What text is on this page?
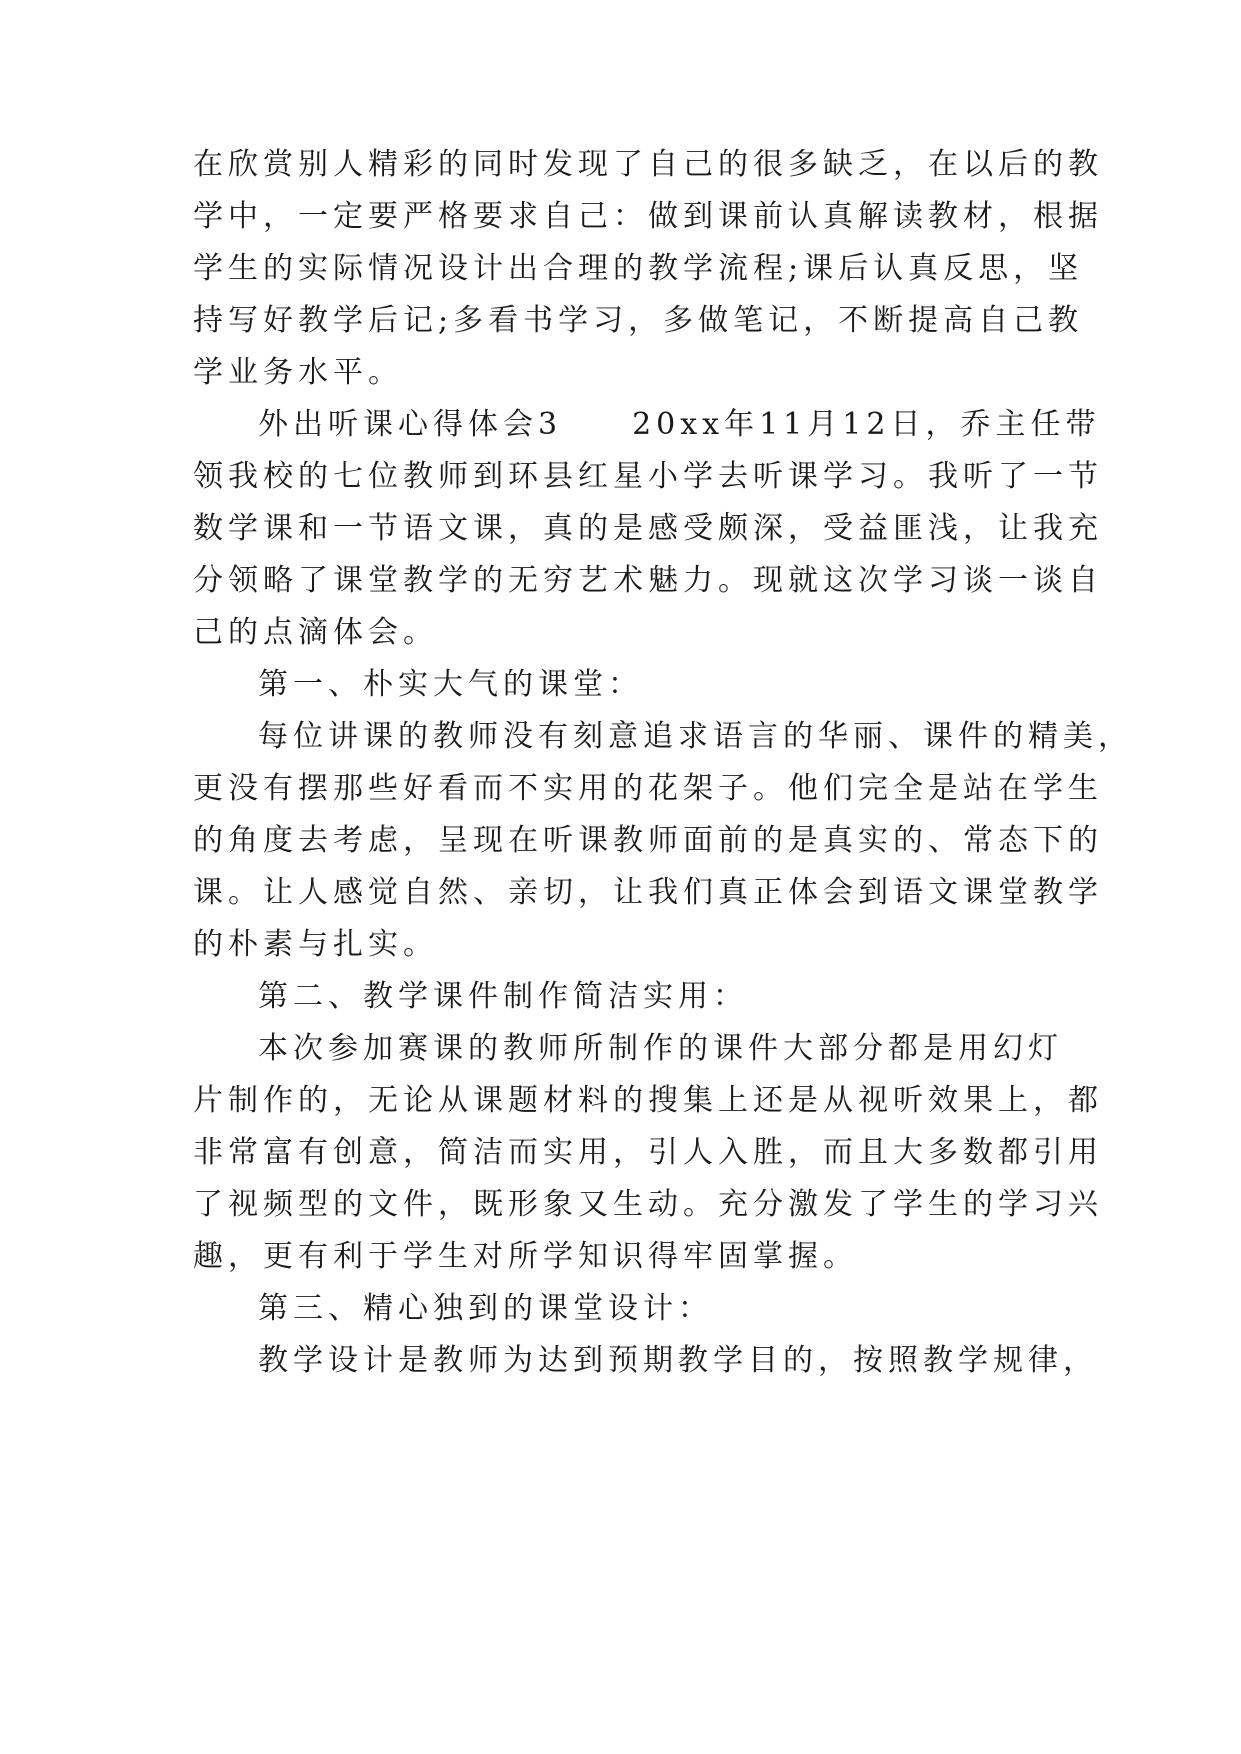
在欣赏别人精彩的同时发现了自己的很多缺乏，在以后的教

学中，一定要严格要求自己：做到课前认真解读教材，根据

学生的实际情况设计出合理的教学流程;课后认真反思，坚

持写好教学后记;多看书学习，多做笔记，不断提高自己教

学业务水平。

外出听课心得体会3　　20xx年11月12日，乔主任带

领我校的七位教师到环县红星小学去听课学习。我听了一节

数学课和一节语文课，真的是感受颇深，受益匪浅，让我充

分领略了课堂教学的无穷艺术魅力。现就这次学习谈一谈自

己的点滴体会。

第一、朴实大气的课堂：

每位讲课的教师没有刻意追求语言的华丽、课件的精美，

更没有摆那些好看而不实用的花架子。他们完全是站在学生

的角度去考虑，呈现在听课教师面前的是真实的、常态下的

课。让人感觉自然、亲切，让我们真正体会到语文课堂教学

的朴素与扎实。

第二、教学课件制作简洁实用：

本次参加赛课的教师所制作的课件大部分都是用幻灯

片制作的，无论从课题材料的搜集上还是从视听效果上，都

非常富有创意，简洁而实用，引人入胜，而且大多数都引用

了视频型的文件，既形象又生动。充分激发了学生的学习兴

趣，更有利于学生对所学知识得牢固掌握。

第三、精心独到的课堂设计：

教学设计是教师为达到预期教学目的，按照教学规律，
